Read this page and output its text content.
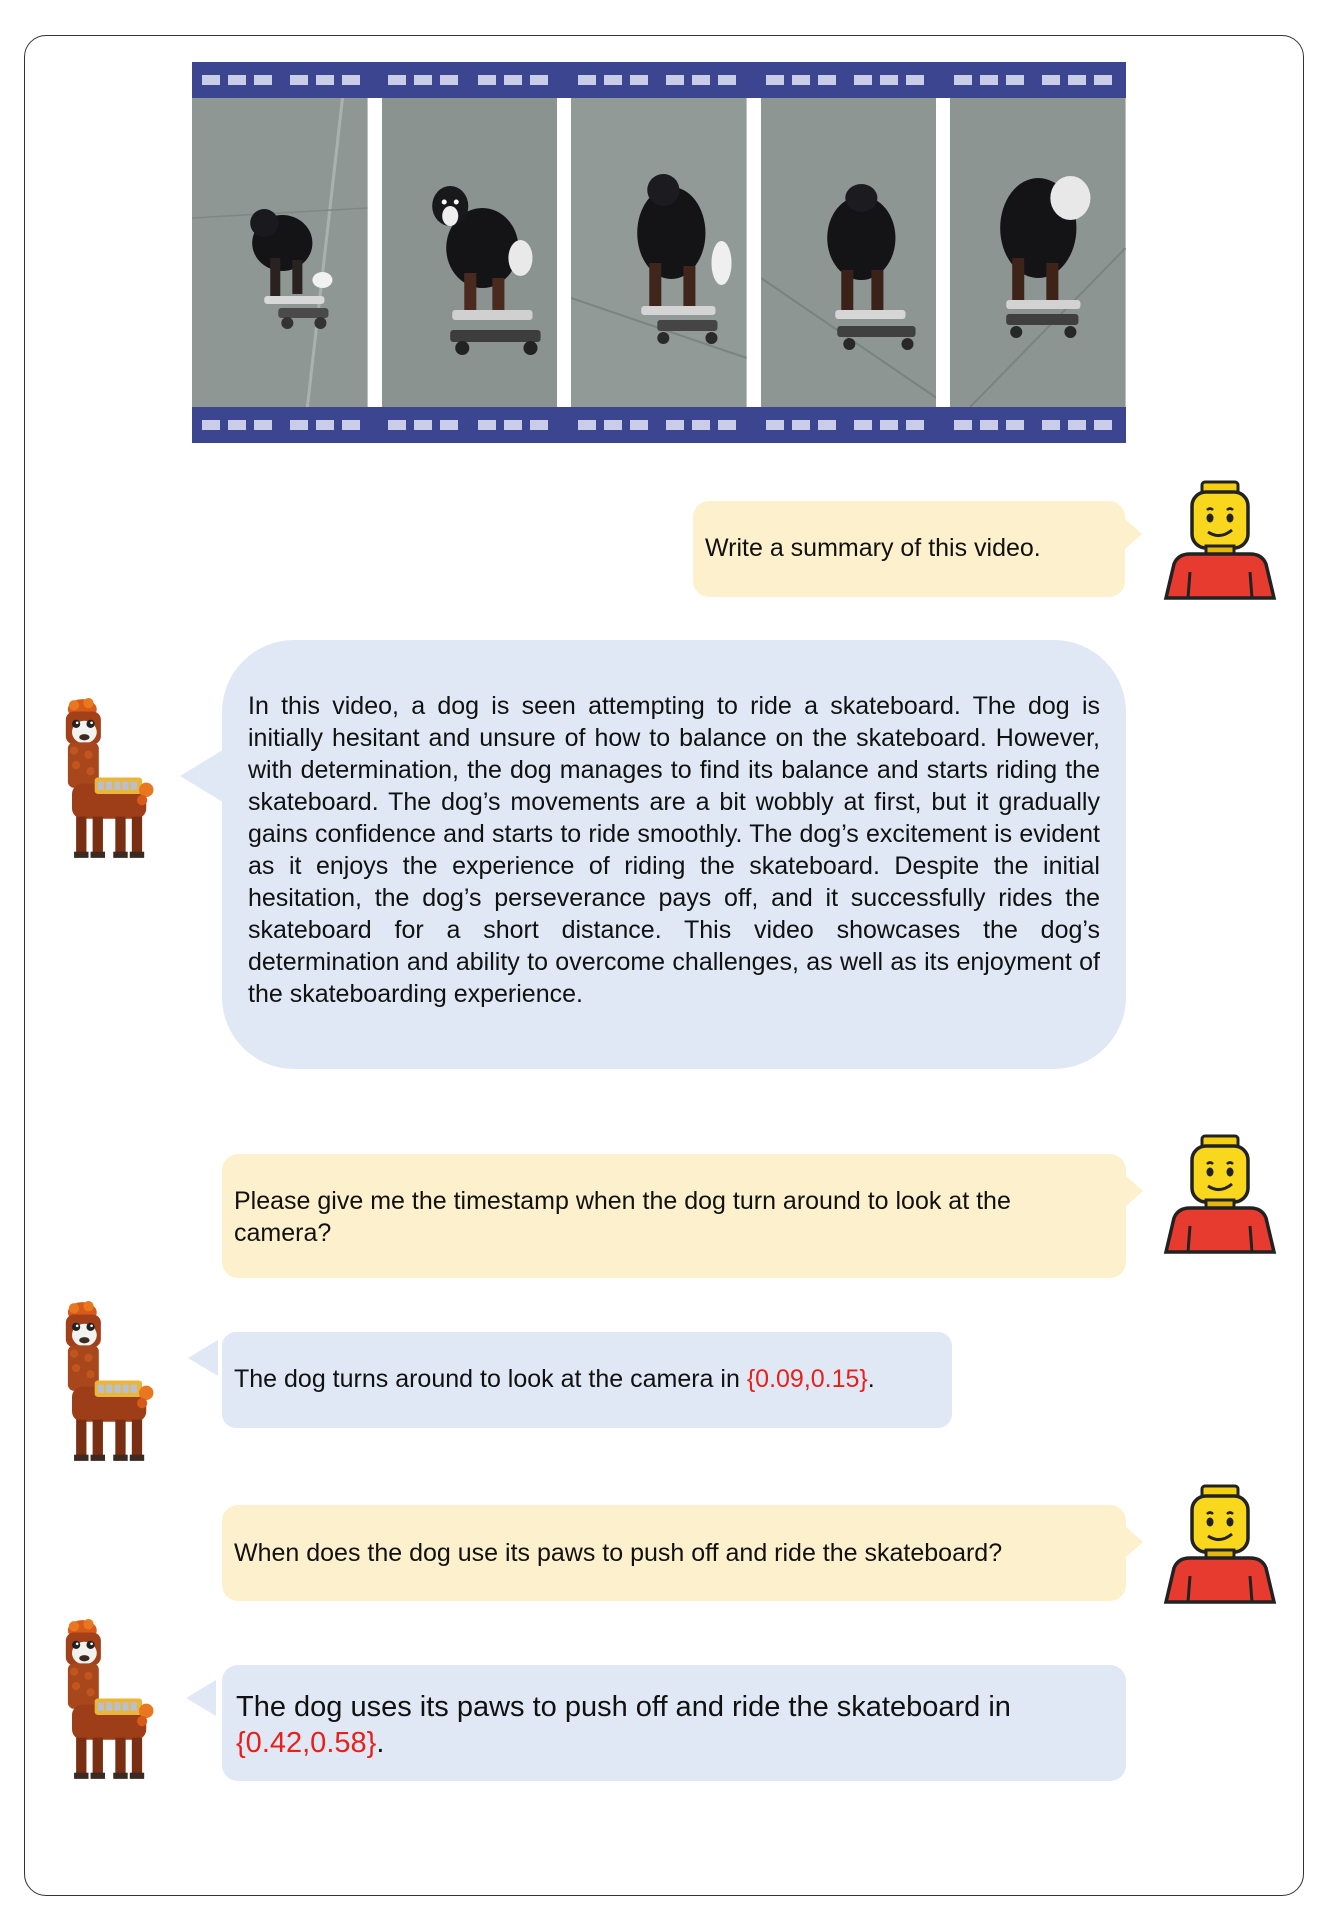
Write a summary of this video.
In this video, a dog is seen attempting to ride a skateboard. The dog is initially hesitant and unsure of how to balance on the skateboard. However, with determination, the dog manages to find its balance and starts riding the skateboard. The dog’s movements are a bit wobbly at first, but it gradually gains confidence and starts to ride smoothly. The dog’s excitement is evident as it enjoys the experience of riding the skateboard. Despite the initial hesitation, the dog’s perseverance pays off, and it successfully rides the skateboard for a short distance. This video showcases the dog’s determination and ability to overcome challenges, as well as its enjoyment of the skateboarding experience.
Please give me the timestamp when the dog turn around to look at the camera?
The dog turns around to look at the camera in {0.09,0.15}.
When does the dog use its paws to push off and ride the skateboard?
The dog uses its paws to push off and ride the skateboard in {0.42,0.58}.
